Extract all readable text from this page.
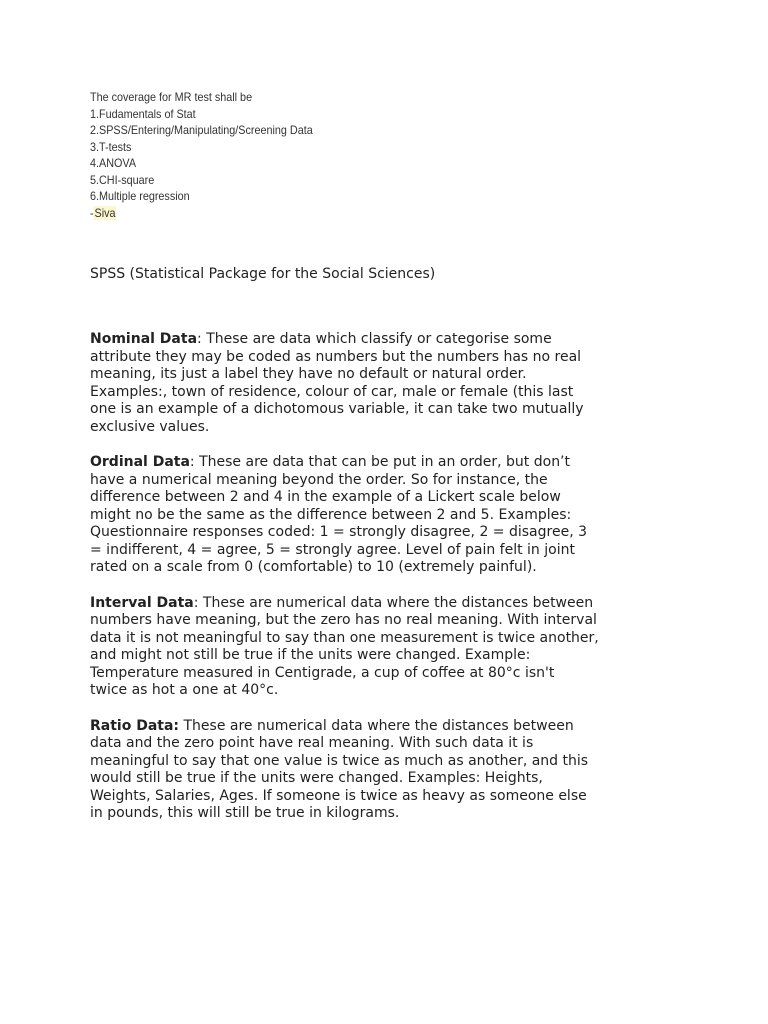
The coverage for MR test shall be
1.Fudamentals of Stat
2.SPSS/Entering/Manipulating/Screening Data
3.T-tests
4.ANOVA
5.CHI-square
6.Multiple regression
-Siva
SPSS (Statistical Package for the Social Sciences)
Nominal Data: These are data which classify or categorise some
attribute they may be coded as numbers but the numbers has no real
meaning, its just a label they have no default or natural order.
Examples:, town of residence, colour of car, male or female (this last
one is an example of a dichotomous variable, it can take two mutually
exclusive values.
Ordinal Data: These are data that can be put in an order, but don’t
have a numerical meaning beyond the order. So for instance, the
difference between 2 and 4 in the example of a Lickert scale below
might no be the same as the difference between 2 and 5. Examples:
Questionnaire responses coded: 1 = strongly disagree, 2 = disagree, 3
= indifferent, 4 = agree, 5 = strongly agree. Level of pain felt in joint
rated on a scale from 0 (comfortable) to 10 (extremely painful).
Interval Data: These are numerical data where the distances between
numbers have meaning, but the zero has no real meaning. With interval
data it is not meaningful to say than one measurement is twice another,
and might not still be true if the units were changed. Example:
Temperature measured in Centigrade, a cup of coffee at 80°c isn't
twice as hot a one at 40°c.
Ratio Data: These are numerical data where the distances between
data and the zero point have real meaning. With such data it is
meaningful to say that one value is twice as much as another, and this
would still be true if the units were changed. Examples: Heights,
Weights, Salaries, Ages. If someone is twice as heavy as someone else
in pounds, this will still be true in kilograms.
